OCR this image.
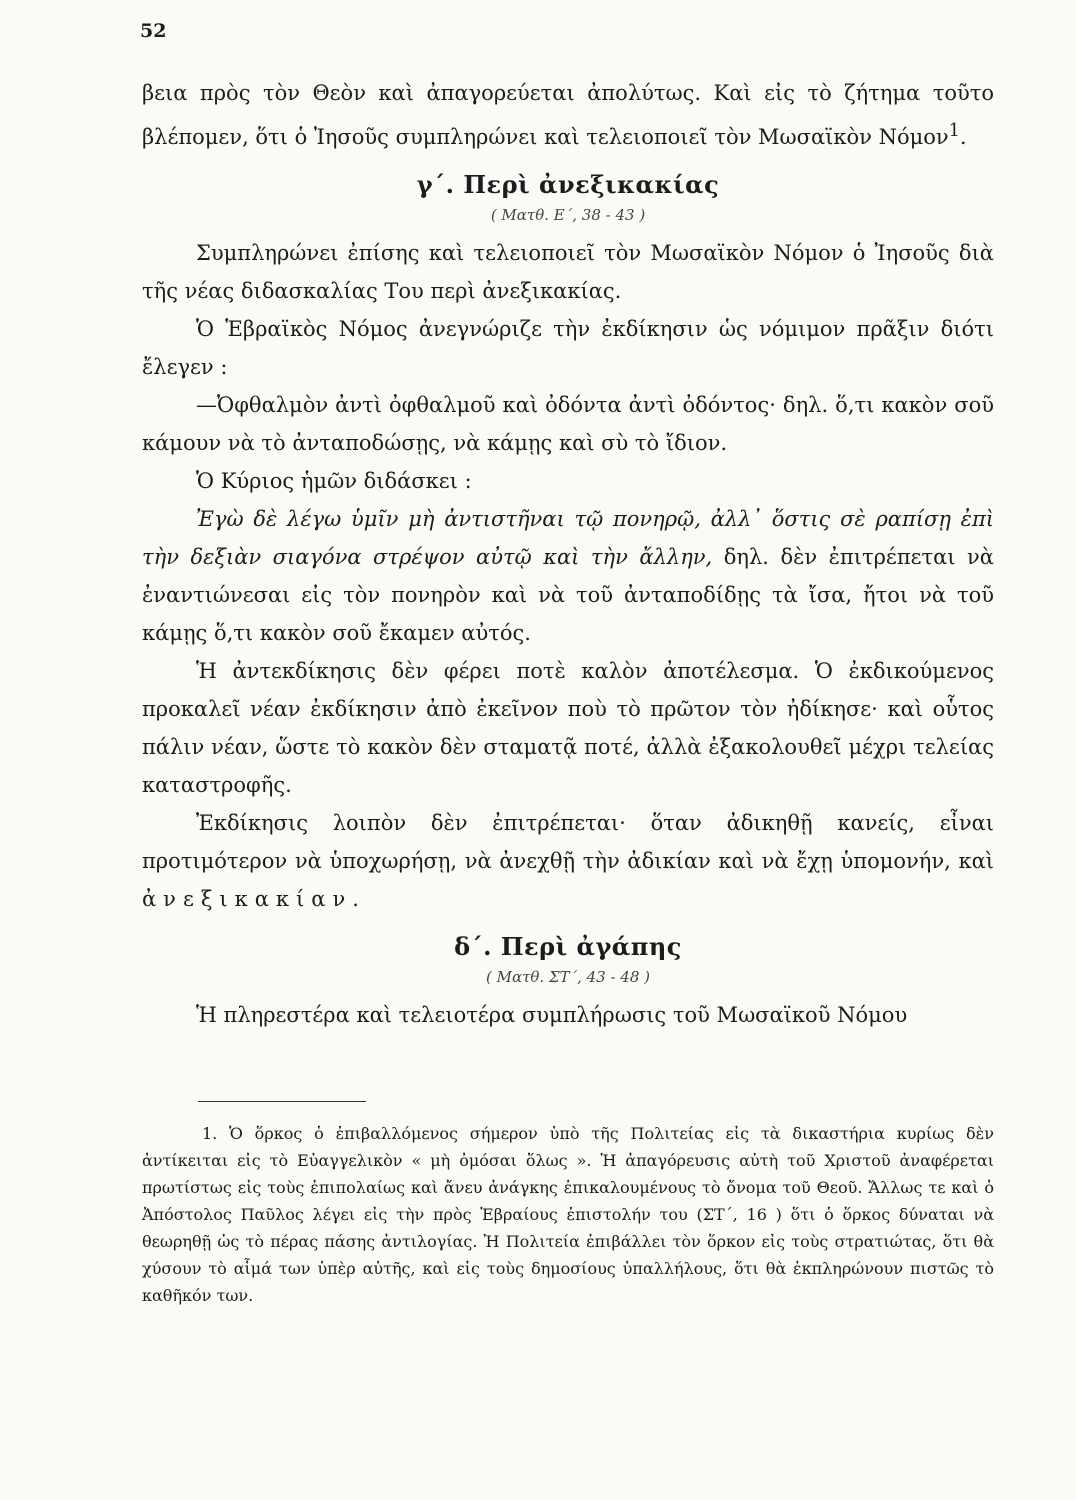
52

βεια πρὸς τὸν Θεὸν καὶ ἀπαγορεύεται ἀπολύτως. Καὶ εἰς τὸ ζήτημα τοῦτο βλέπομεν, ὅτι ὁ Ἰησοῦς συμπληρώνει καὶ τελειοποιεῖ τὸν Μωσαϊκὸν Νόμον$^1$.

γ΄. Περὶ ἀνεξικακίας
( Ματθ. Ε΄, 38 - 43 )

Συμπληρώνει ἐπίσης καὶ τελειοποιεῖ τὸν Μωσαϊκὸν Νόμον ὁ Ἰησοῦς διὰ τῆς νέας διδασκαλίας Του περὶ ἀνεξικακίας.

Ὁ Ἑβραϊκὸς Νόμος ἀνεγνώριζε τὴν ἐκδίκησιν ὡς νόμιμον πρᾶξιν διότι ἔλεγεν :

—Ὀφθαλμὸν ἀντὶ ὀφθαλμοῦ καὶ ὀδόντα ἀντὶ ὀδόντος· δηλ. ὅ,τι κακὸν σοῦ κάμουν νὰ τὸ ἀνταποδώσῃς, νὰ κάμῃς καὶ σὺ τὸ ἴδιον.

Ὁ Κύριος ἡμῶν διδάσκει :

Ἐγὼ δὲ λέγω ὑμῖν μὴ ἀντιστῆναι τῷ πονηρῷ, ἀλλ᾽ ὅστις σὲ ραπίσῃ ἐπὶ τὴν δεξιὰν σιαγόνα στρέψον αὐτῷ καὶ τὴν ἄλλην, δηλ. δὲν ἐπιτρέπεται νὰ ἐναντιώνεσαι εἰς τὸν πονηρὸν καὶ νὰ τοῦ ἀνταποδίδῃς τὰ ἴσα, ἤτοι νὰ τοῦ κάμῃς ὅ,τι κακὸν σοῦ ἔκαμεν αὐτός.

Ἡ ἀντεκδίκησις δὲν φέρει ποτὲ καλὸν ἀποτέλεσμα. Ὁ ἐκδικούμενος προκαλεῖ νέαν ἐκδίκησιν ἀπὸ ἐκεῖνον ποὺ τὸ πρῶτον τὸν ἠδίκησε· καὶ οὗτος πάλιν νέαν, ὥστε τὸ κακὸν δὲν σταματᾷ ποτέ, ἀλλὰ ἐξακολουθεῖ μέχρι τελείας καταστροφῆς.

Ἐκδίκησις λοιπὸν δὲν ἐπιτρέπεται· ὅταν ἀδικηθῇ κανείς, εἶναι προτιμότερον νὰ ὑποχωρήσῃ, νὰ ἀνεχθῇ τὴν ἀδικίαν καὶ νὰ ἔχῃ ὑπομονήν, καὶ ἀνεξικακίαν.

δ΄. Περὶ ἀγάπης
( Ματθ. ΣΤ΄, 43 - 48 )

Ἡ πληρεστέρα καὶ τελειοτέρα συμπλήρωσις τοῦ Μωσαϊκοῦ Νόμου

1. Ὁ ὅρκος ὁ ἐπιβαλλόμενος σήμερον ὑπὸ τῆς Πολιτείας εἰς τὰ δικαστήρια κυρίως δὲν ἀντίκειται εἰς τὸ Εὐαγγελικὸν « μὴ ὀμόσαι ὅλως ». Ἡ ἀπαγόρευσις αὐτὴ τοῦ Χριστοῦ ἀναφέρεται πρωτίστως εἰς τοὺς ἐπιπολαίως καὶ ἄνευ ἀνάγκης ἐπικαλουμένους τὸ ὄνομα τοῦ Θεοῦ. Ἄλλως τε καὶ ὁ Ἀπόστολος Παῦλος λέγει εἰς τὴν πρὸς Ἑβραίους ἐπιστολήν του (ΣΤ΄, 16 ) ὅτι ὁ ὅρκος δύναται νὰ θεωρηθῇ ὡς τὸ πέρας πάσης ἀντιλογίας. Ἡ Πολιτεία ἐπιβάλλει τὸν ὅρκον εἰς τοὺς στρατιώτας, ὅτι θὰ χύσουν τὸ αἷμά των ὑπὲρ αὐτῆς, καὶ εἰς τοὺς δημοσίους ὑπαλλήλους, ὅτι θὰ ἐκπληρώνουν πιστῶς τὸ καθῆκόν των.
